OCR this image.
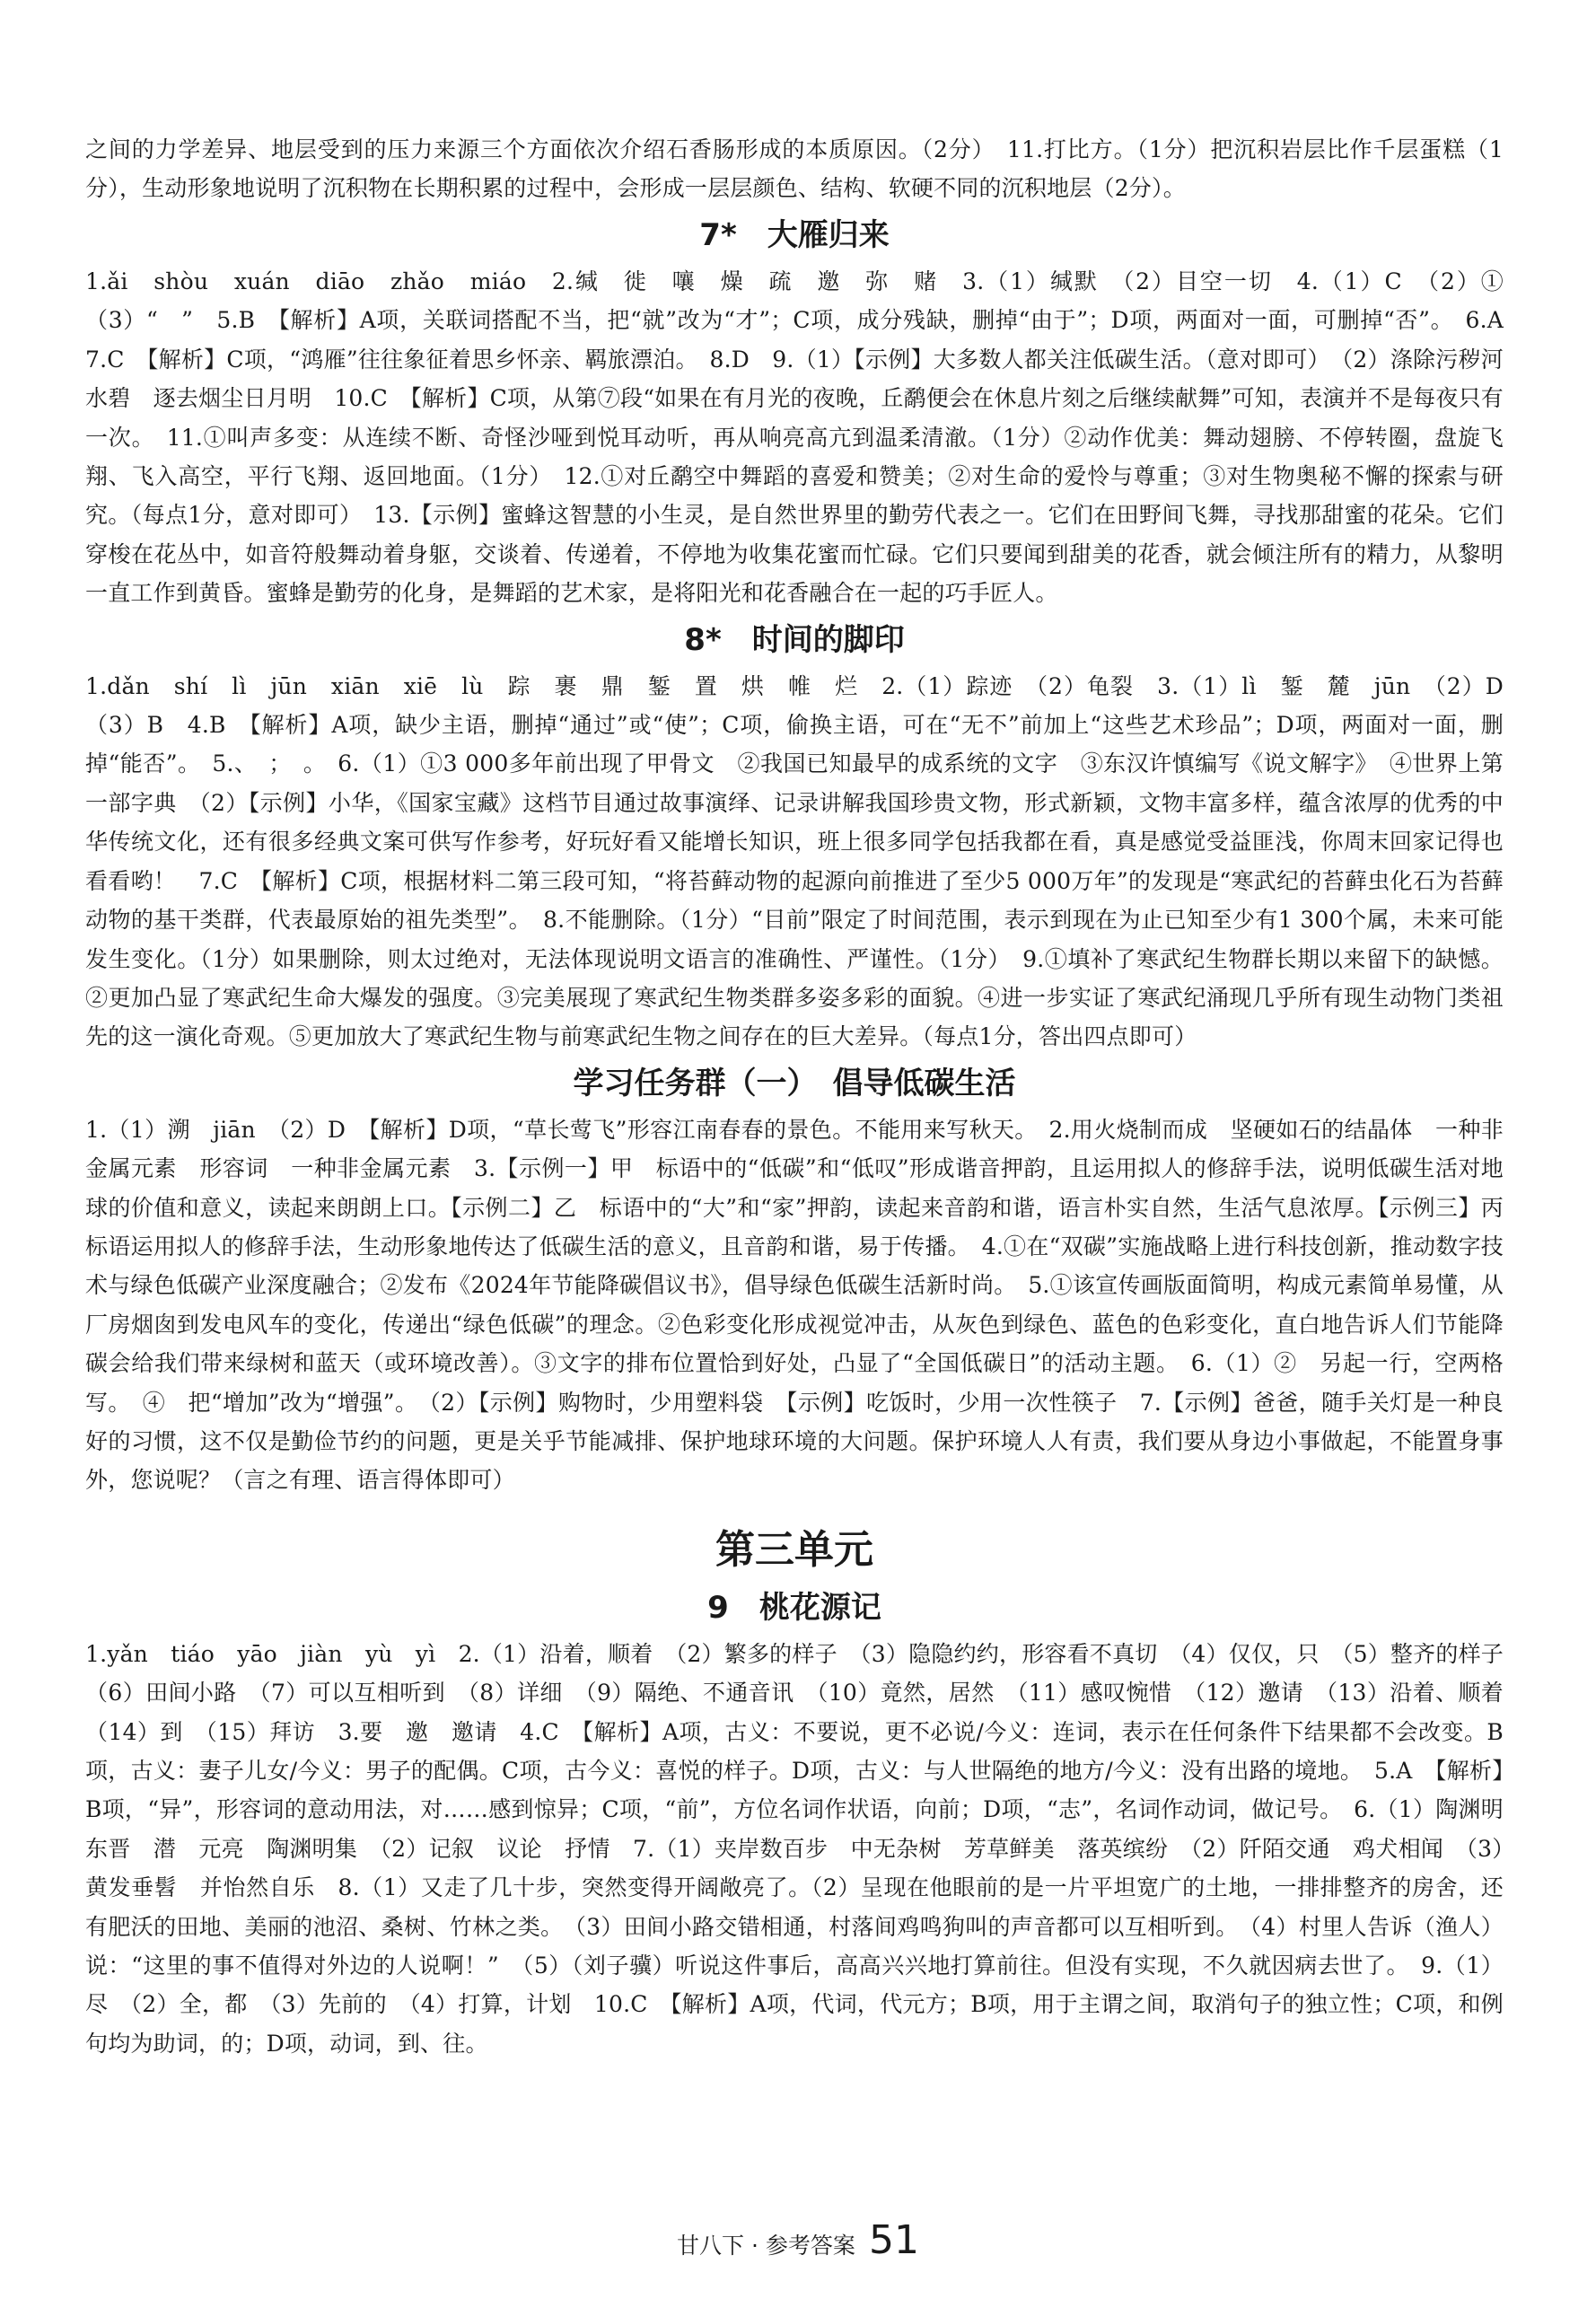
之间的力学差异、地层受到的压力来源三个方面依次介绍石香肠形成的本质原因。（2分）　11.打比方。（1分）把沉积岩层比作千层蛋糕（1分），生动形象地说明了沉积物在长期积累的过程中，会形成一层层颜色、结构、软硬不同的沉积地层（2分）。

7*　大雁归来

1.ǎi　shòu　xuán　diāo　zhǎo　miáo　2.缄　徙　嚷　燥　疏　邀　弥　赌　3.（1）缄默　（2）目空一切　4.（1）C　（2）①（3）“　”　5.B　【解析】A项，关联词搭配不当，把“就”改为“才”；C项，成分残缺，删掉“由于”；D项，两面对一面，可删掉“否”。　6.A　7.C　【解析】C项，“鸿雁”往往象征着思乡怀亲、羁旅漂泊。　8.D　9.（1）【示例】大多数人都关注低碳生活。（意对即可）　（2）涤除污秽河水碧　逐去烟尘日月明　10.C　【解析】C项，从第⑦段“如果在有月光的夜晚，丘鹬便会在休息片刻之后继续献舞”可知，表演并不是每夜只有一次。　11.①叫声多变：从连续不断、奇怪沙哑到悦耳动听，再从响亮高亢到温柔清澈。（1分）②动作优美：舞动翅膀、不停转圈，盘旋飞翔、飞入高空，平行飞翔、返回地面。（1分）　12.①对丘鹬空中舞蹈的喜爱和赞美；②对生命的爱怜与尊重；③对生物奥秘不懈的探索与研究。（每点1分，意对即可）　13.【示例】蜜蜂这智慧的小生灵，是自然世界里的勤劳代表之一。它们在田野间飞舞，寻找那甜蜜的花朵。它们穿梭在花丛中，如音符般舞动着身躯，交谈着、传递着，不停地为收集花蜜而忙碌。它们只要闻到甜美的花香，就会倾注所有的精力，从黎明一直工作到黄昏。蜜蜂是勤劳的化身，是舞蹈的艺术家，是将阳光和花香融合在一起的巧手匠人。

8*　时间的脚印

1.dǎn　shí　lì　jūn　xiān　xiē　lù　踪　裹　鼎　錾　置　烘　帷　烂　2.（1）踪迹　（2）龟裂　3.（1）lì　錾　麓　jūn　（2）D　（3）B　4.B　【解析】A项，缺少主语，删掉“通过”或“使”；C项，偷换主语，可在“无不”前加上“这些艺术珍品”；D项，两面对一面，删掉“能否”。　5.、　；　。　6.（1）①3 000多年前出现了甲骨文　②我国已知最早的成系统的文字　③东汉许慎编写《说文解字》　④世界上第一部字典　（2）【示例】小华，《国家宝藏》这档节目通过故事演绎、记录讲解我国珍贵文物，形式新颖，文物丰富多样，蕴含浓厚的优秀的中华传统文化，还有很多经典文案可供写作参考，好玩好看又能增长知识，班上很多同学包括我都在看，真是感觉受益匪浅，你周末回家记得也看看哟！　7.C　【解析】C项，根据材料二第三段可知，“将苔藓动物的起源向前推进了至少5 000万年”的发现是“寒武纪的苔藓虫化石为苔藓动物的基干类群，代表最原始的祖先类型”。　8.不能删除。（1分）“目前”限定了时间范围，表示到现在为止已知至少有1 300个属，未来可能发生变化。（1分）如果删除，则太过绝对，无法体现说明文语言的准确性、严谨性。（1分）　9.①填补了寒武纪生物群长期以来留下的缺憾。②更加凸显了寒武纪生命大爆发的强度。③完美展现了寒武纪生物类群多姿多彩的面貌。④进一步实证了寒武纪涌现几乎所有现生动物门类祖先的这一演化奇观。⑤更加放大了寒武纪生物与前寒武纪生物之间存在的巨大差异。（每点1分，答出四点即可）

学习任务群（一）　倡导低碳生活

1.（1）溯　jiān　（2）D　【解析】D项，“草长莺飞”形容江南春春的景色。不能用来写秋天。　2.用火烧制而成　坚硬如石的结晶体　一种非金属元素　形容词　一种非金属元素　3.【示例一】甲　标语中的“低碳”和“低叹”形成谐音押韵，且运用拟人的修辞手法，说明低碳生活对地球的价值和意义，读起来朗朗上口。【示例二】乙　标语中的“大”和“家”押韵，读起来音韵和谐，语言朴实自然，生活气息浓厚。【示例三】丙　标语运用拟人的修辞手法，生动形象地传达了低碳生活的意义，且音韵和谐，易于传播。　4.①在“双碳”实施战略上进行科技创新，推动数字技术与绿色低碳产业深度融合；②发布《2024年节能降碳倡议书》，倡导绿色低碳生活新时尚。　5.①该宣传画版面简明，构成元素简单易懂，从厂房烟囱到发电风车的变化，传递出“绿色低碳”的理念。②色彩变化形成视觉冲击，从灰色到绿色、蓝色的色彩变化，直白地告诉人们节能降碳会给我们带来绿树和蓝天（或环境改善）。③文字的排布位置恰到好处，凸显了“全国低碳日”的活动主题。　6.（1）②　另起一行，空两格写。　④　把“增加”改为“增强”。　（2）【示例】购物时，少用塑料袋　【示例】吃饭时，少用一次性筷子　7.【示例】爸爸，随手关灯是一种良好的习惯，这不仅是勤俭节约的问题，更是关乎节能减排、保护地球环境的大问题。保护环境人人有责，我们要从身边小事做起，不能置身事外，您说呢？（言之有理、语言得体即可）

第三单元
9　桃花源记

1.yǎn　tiáo　yāo　jiàn　yù　yì　2.（1）沿着，顺着　（2）繁多的样子　（3）隐隐约约，形容看不真切　（4）仅仅，只　（5）整齐的样子　（6）田间小路　（7）可以互相听到　（8）详细　（9）隔绝、不通音讯　（10）竟然，居然　（11）感叹惋惜　（12）邀请　（13）沿着、顺着　（14）到　（15）拜访　3.要　邀　邀请　4.C　【解析】A项，古义：不要说，更不必说/今义：连词，表示在任何条件下结果都不会改变。B项，古义：妻子儿女/今义：男子的配偶。C项，古今义：喜悦的样子。D项，古义：与人世隔绝的地方/今义：没有出路的境地。　5.A　【解析】B项，“异”，形容词的意动用法，对……感到惊异；C项，“前”，方位名词作状语，向前；D项，“志”，名词作动词，做记号。　6.（1）陶渊明　东晋　潜　元亮　陶渊明集　（2）记叙　议论　抒情　7.（1）夹岸数百步　中无杂树　芳草鲜美　落英缤纷　（2）阡陌交通　鸡犬相闻　（3）黄发垂髫　并怡然自乐　8.（1）又走了几十步，突然变得开阔敞亮了。（2）呈现在他眼前的是一片平坦宽广的土地，一排排整齐的房舍，还有肥沃的田地、美丽的池沼、桑树、竹林之类。　（3）田间小路交错相通，村落间鸡鸣狗叫的声音都可以互相听到。　（4）村里人告诉（渔人）说：“这里的事不值得对外边的人说啊！”　（5）（刘子骥）听说这件事后，高高兴兴地打算前往。但没有实现，不久就因病去世了。　9.（1）尽　（2）全，都　（3）先前的　（4）打算，计划　10.C　【解析】A项，代词，代元方；B项，用于主谓之间，取消句子的独立性；C项，和例句均为助词，的；D项，动词，到、往。

甘八下 · 参考答案 51
